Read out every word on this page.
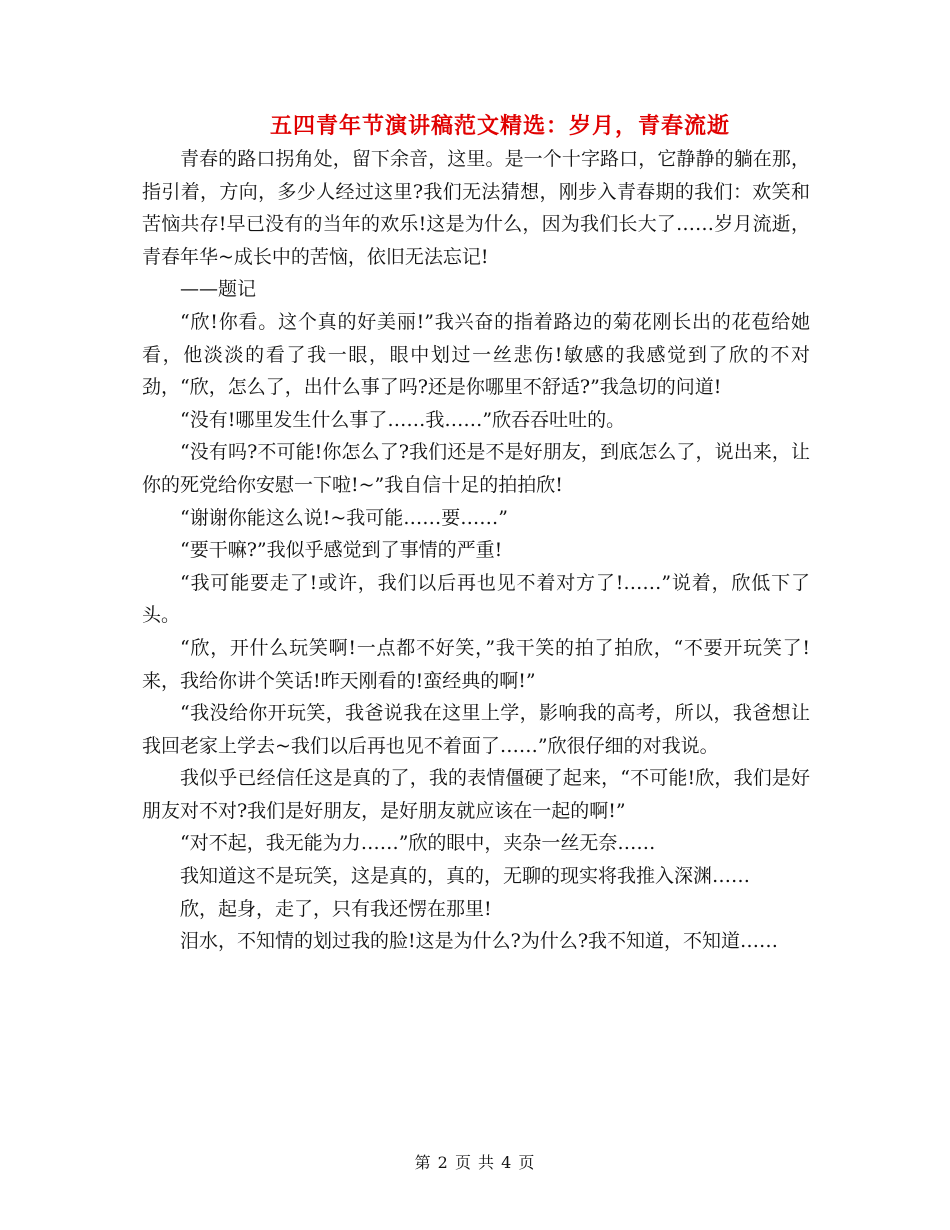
五四青年节演讲稿范文精选：岁月，青春流逝

青春的路口拐角处，留下余音，这里。是一个十字路口，它静静的躺在那，指引着，方向，多少人经过这里?我们无法猜想，刚步入青春期的我们：欢笑和苦恼共存!早已没有的当年的欢乐!这是为什么，因为我们长大了……岁月流逝，青春年华~成长中的苦恼，依旧无法忘记!

——题记

“欣!你看。这个真的好美丽!”我兴奋的指着路边的菊花刚长出的花苞给她看，他淡淡的看了我一眼，眼中划过一丝悲伤!敏感的我感觉到了欣的不对劲，“欣，怎么了，出什么事了吗?还是你哪里不舒适?”我急切的问道!

“没有!哪里发生什么事了……我……”欣吞吞吐吐的。

“没有吗?不可能!你怎么了?我们还是不是好朋友，到底怎么了，说出来，让你的死党给你安慰一下啦!~”我自信十足的拍拍欣!

“谢谢你能这么说!~我可能……要……”

“要干嘛?”我似乎感觉到了事情的严重!

“我可能要走了!或许，我们以后再也见不着对方了!……”说着，欣低下了头。

“欣，开什么玩笑啊!一点都不好笑，”我干笑的拍了拍欣，“不要开玩笑了!来，我给你讲个笑话!昨天刚看的!蛮经典的啊!”

“我没给你开玩笑，我爸说我在这里上学，影响我的高考，所以，我爸想让我回老家上学去~我们以后再也见不着面了……”欣很仔细的对我说。

我似乎已经信任这是真的了，我的表情僵硬了起来，“不可能!欣，我们是好朋友对不对?我们是好朋友，是好朋友就应该在一起的啊!”

“对不起，我无能为力……”欣的眼中，夹杂一丝无奈……

我知道这不是玩笑，这是真的，真的，无聊的现实将我推入深渊……

欣，起身，走了，只有我还愣在那里!

泪水，不知情的划过我的脸!这是为什么?为什么?我不知道，不知道……

第 2 页 共 4 页
